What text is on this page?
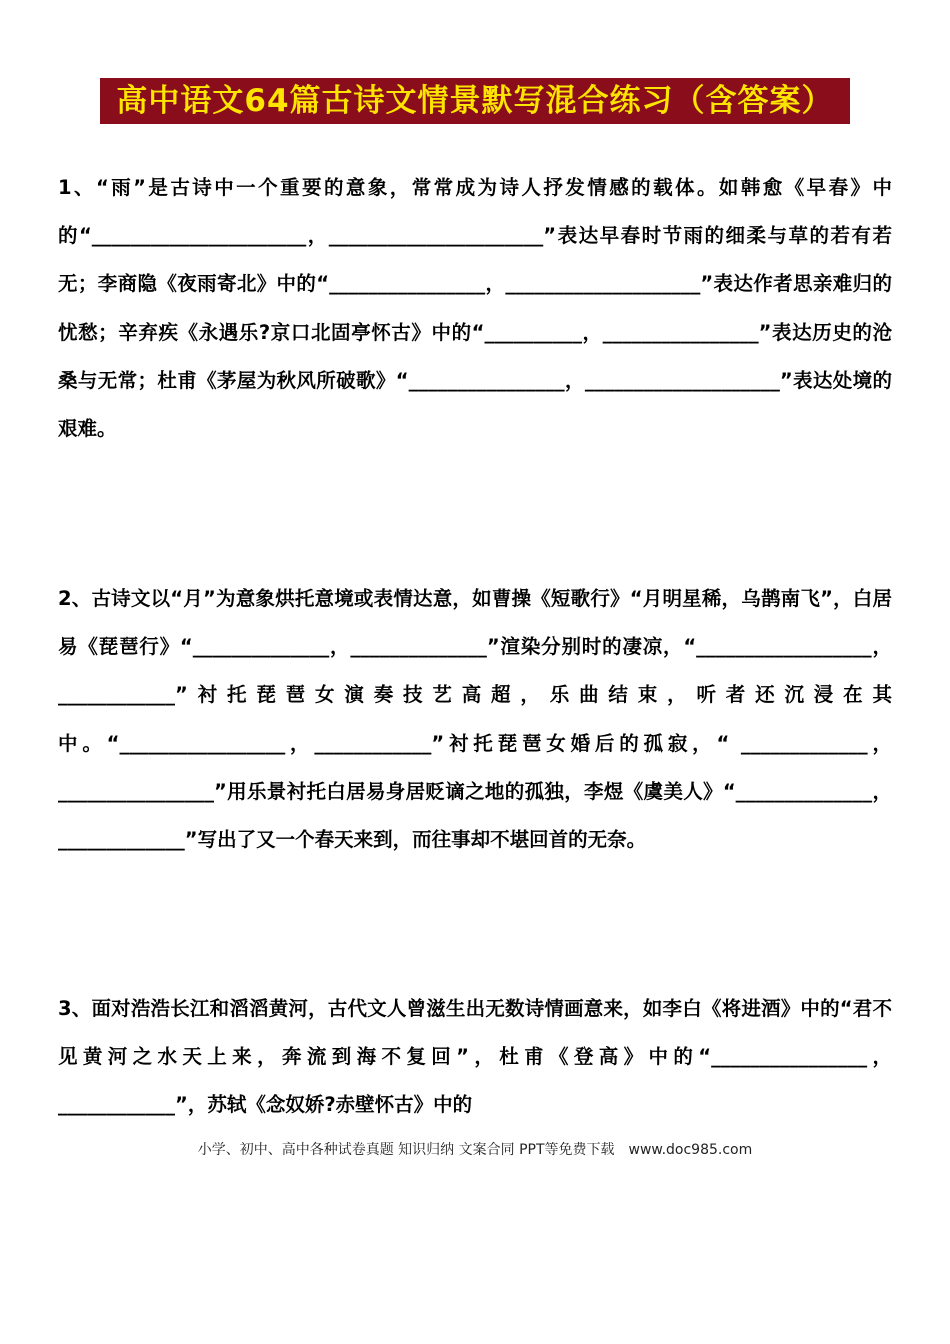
高中语文64篇古诗文情景默写混合练习（含答案）

1、“雨”是古诗中一个重要的意象，常常成为诗人抒发情感的载体。如韩愈《早春》中的“______________________，______________________”表达早春时节雨的细柔与草的若有若无；李商隐《夜雨寄北》中的“________________，____________________”表达作者思亲难归的忧愁；辛弃疾《永遇乐?京口北固亭怀古》中的“__________，________________”表达历史的沧桑与无常；杜甫《茅屋为秋风所破歌》“________________，____________________”表达处境的艰难。

2、古诗文以“月”为意象烘托意境或表情达意，如曹操《短歌行》“月明星稀，乌鹊南飞”，白居易《琵琶行》“______________，______________”渲染分别时的凄凉，“__________________，____________”衬托琵琶女演奏技艺高超，乐曲结束，听者还沉浸在其中。“_________________，____________”衬托琵琶女婚后的孤寂，“ _____________，________________”用乐景衬托白居易身居贬谪之地的孤独，李煜《虞美人》“______________，_____________”写出了又一个春天来到，而往事却不堪回首的无奈。

3、面对浩浩长江和滔滔黄河，古代文人曾滋生出无数诗情画意来，如李白《将进酒》中的“君不见黄河之水天上来，奔流到海不复回”，杜甫《登高》中的“________________，____________”，苏轼《念奴娇?赤壁怀古》中的

小学、初中、高中各种试卷真题 知识归纳 文案合同 PPT等免费下载　www.doc985.com
